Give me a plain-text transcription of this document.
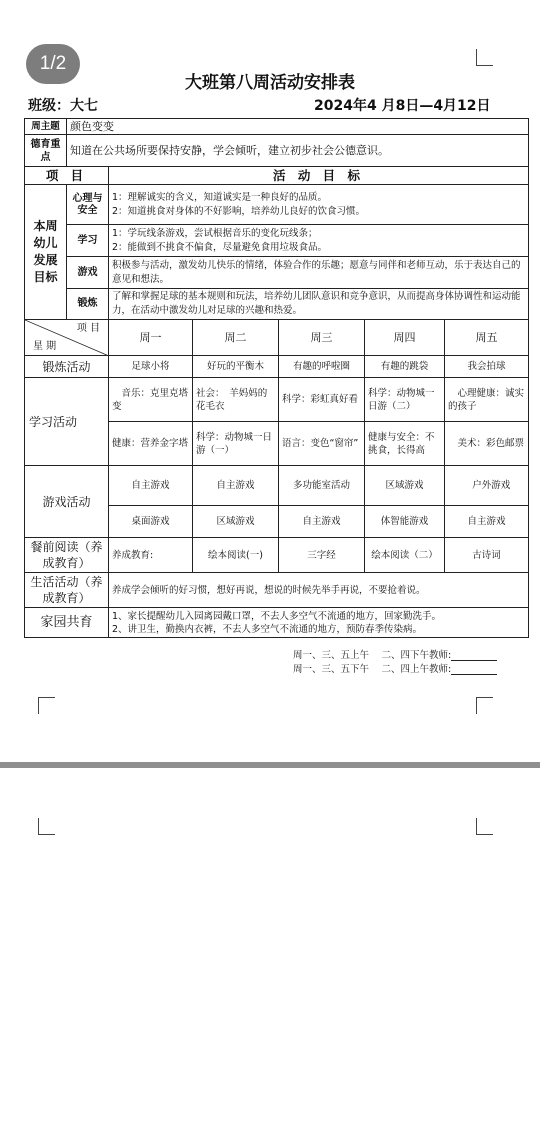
1/2
大班第八周活动安排表
班级：大七	2024年4 月8日—4月12日
周主题	颜色变变					
德育重点	知道在公共场所要保持安静，学会倾听，建立初步社会公德意识。					
项 目		活 动 目 标				
本周幼儿发展目标	心理与安全	1：理解诚实的含义，知道诚实是一种良好的品质。
2：知道挑食对身体的不好影响，培养幼儿良好的饮食习惯。				

	学习	1：学玩线条游戏，尝试根据音乐的变化玩线条；
2：能做到不挑食不偏食，尽量避免食用垃圾食品。				

	游戏	积极参与活动，激发幼儿快乐的情绪，体验合作的乐趣；愿意与同伴和老师互动，乐于表达自己的意见和想法。				
	锻炼	了解和掌握足球的基本规则和玩法，培养幼儿团队意识和竞争意识，从而提高身体协调性和运动能力，在活动中激发幼儿对足球的兴趣和热爱。				

项 目
星 期		周一	周二	周三	周四	周五
锻炼活动		足球小将	好玩的平衡木	有趣的呼啦圈	有趣的跳袋	我会拍球
学习活动		　音乐：克里克塔变	社会：　羊妈妈的花毛衣	科学：彩虹真好看	科学：动物城一日游（二）	　心理健康：诚实的孩子
		健康：营养金字塔	科学：动物城一日游（一）	语言：变色“窗帘”	健康与安全：不挑食，长得高	　美术：彩色邮票
游戏活动		自主游戏	自主游戏	多功能室活动	区域游戏	　户外游戏
		桌面游戏	区域游戏	自主游戏	体智能游戏	自主游戏
餐前阅读（养成教育）		养成教育:	绘本阅读(一)	三字经	绘本阅读（二）	古诗词
生活活动（养成教育）		养成学会倾听的好习惯，想好再说，想说的时候先举手再说，不要抢着说。				
家园共育		1、家长提醒幼儿入园离园戴口罩，不去人多空气不流通的地方，回家勤洗手。
2、讲卫生，勤换内衣裤，不去人多空气不流通的地方，预防春季传染病。				
周一、三、五上午　 二、四下午教师:
周一、三、五下午　 二、四上午教师:
